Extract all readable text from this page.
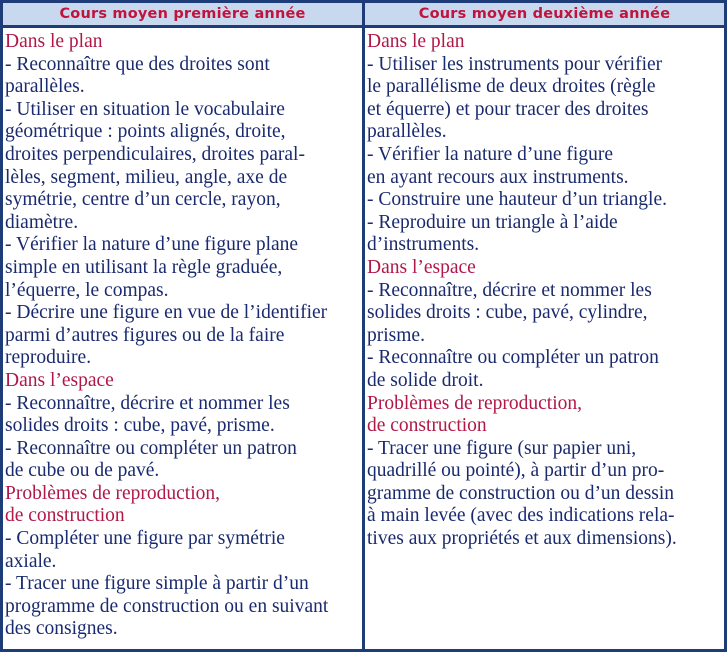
Cours moyen première année
Dans le plan
- Reconnaître que des droites sont
parallèles.
- Utiliser en situation le vocabulaire
géométrique : points alignés, droite,
droites perpendiculaires, droites paral-
lèles, segment, milieu, angle, axe de
symétrie, centre d’un cercle, rayon,
diamètre.
- Vérifier la nature d’une figure plane
simple en utilisant la règle graduée,
l’équerre, le compas.
- Décrire une figure en vue de l’identifier
parmi d’autres figures ou de la faire
reproduire.
Dans l’espace
- Reconnaître, décrire et nommer les
solides droits : cube, pavé, prisme.
- Reconnaître ou compléter un patron
de cube ou de pavé.
Problèmes de reproduction,
de construction
- Compléter une figure par symétrie
axiale.
- Tracer une figure simple à partir d’un
programme de construction ou en suivant
des consignes.
Cours moyen deuxième année
Dans le plan
- Utiliser les instruments pour vérifier
le parallélisme de deux droites (règle
et équerre) et pour tracer des droites
parallèles.
- Vérifier la nature d’une figure
en ayant recours aux instruments.
- Construire une hauteur d’un triangle.
- Reproduire un triangle à l’aide
d’instruments.
Dans l’espace
- Reconnaître, décrire et nommer les
solides droits : cube, pavé, cylindre,
prisme.
- Reconnaître ou compléter un patron
de solide droit.
Problèmes de reproduction,
de construction
- Tracer une figure (sur papier uni,
quadrillé ou pointé), à partir d’un pro-
gramme de construction ou d’un dessin
à main levée (avec des indications rela-
tives aux propriétés et aux dimensions).
